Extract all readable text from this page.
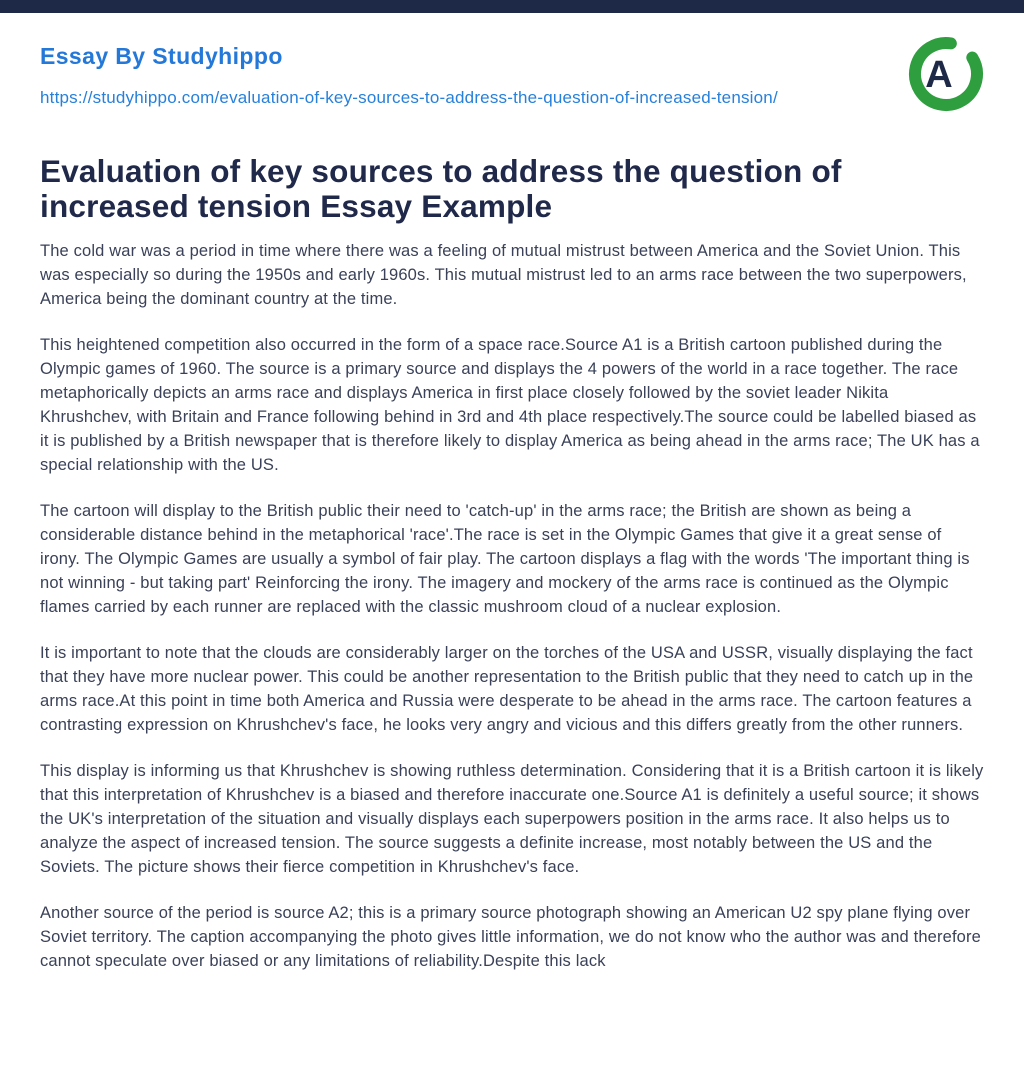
Essay By Studyhippo
https://studyhippo.com/evaluation-of-key-sources-to-address-the-question-of-increased-tension/
A
Evaluation of key sources to address the question of increased tension Essay Example

The cold war was a period in time where there was a feeling of mutual mistrust between America and the Soviet Union. This was especially so during the 1950s and early 1960s. This mutual mistrust led to an arms race between the two superpowers, America being the dominant country at the time.

This heightened competition also occurred in the form of a space race.Source A1 is a British cartoon published during the Olympic games of 1960. The source is a primary source and displays the 4 powers of the world in a race together. The race metaphorically depicts an arms race and displays America in first place closely followed by the soviet leader Nikita Khrushchev, with Britain and France following behind in 3rd and 4th place respectively.The source could be labelled biased as it is published by a British newspaper that is therefore likely to display America as being ahead in the arms race; The UK has a special relationship with the US.

The cartoon will display to the British public their need to 'catch-up' in the arms race; the British are shown as being a considerable distance behind in the metaphorical 'race'.The race is set in the Olympic Games that give it a great sense of irony. The Olympic Games are usually a symbol of fair play. The cartoon displays a flag with the words 'The important thing is not winning - but taking part' Reinforcing the irony. The imagery and mockery of the arms race is continued as the Olympic flames carried by each runner are replaced with the classic mushroom cloud of a nuclear explosion.

It is important to note that the clouds are considerably larger on the torches of the USA and USSR, visually displaying the fact that they have more nuclear power. This could be another representation to the British public that they need to catch up in the arms race.At this point in time both America and Russia were desperate to be ahead in the arms race. The cartoon features a contrasting expression on Khrushchev's face, he looks very angry and vicious and this differs greatly from the other runners.

This display is informing us that Khrushchev is showing ruthless determination. Considering that it is a British cartoon it is likely that this interpretation of Khrushchev is a biased and therefore inaccurate one.Source A1 is definitely a useful source; it shows the UK's interpretation of the situation and visually displays each superpowers position in the arms race. It also helps us to analyze the aspect of increased tension. The source suggests a definite increase, most notably between the US and the Soviets. The picture shows their fierce competition in Khrushchev's face.

Another source of the period is source A2; this is a primary source photograph showing an American U2 spy plane flying over Soviet territory. The caption accompanying the photo gives little information, we do not know who the author was and therefore cannot speculate over biased or any limitations of reliability.Despite this lack
